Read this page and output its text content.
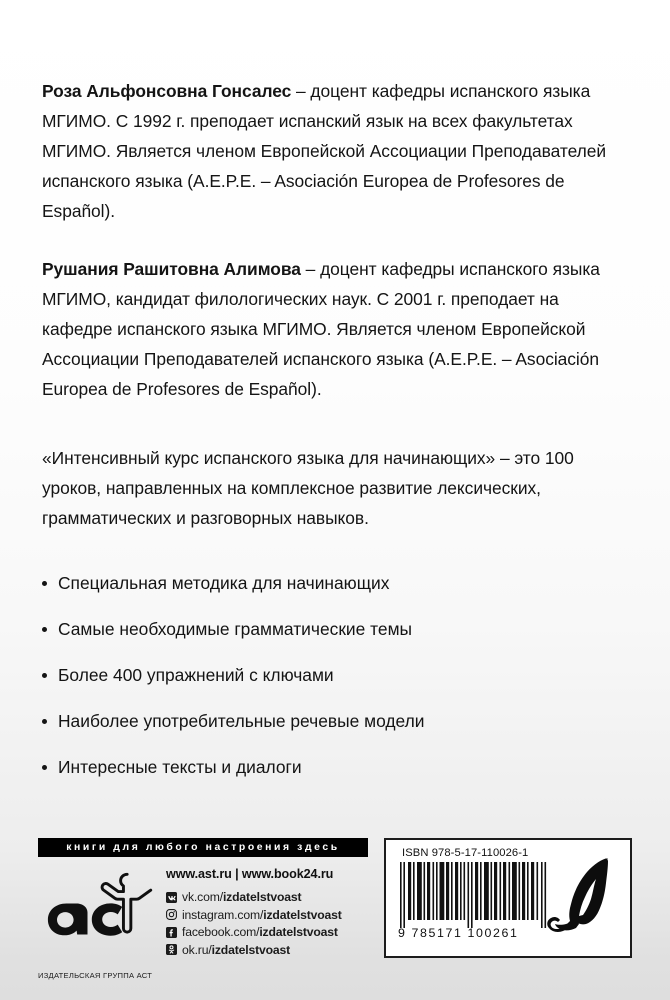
Роза Альфонсовна Гонсалес – доцент кафедры испанского языка МГИМО. С 1992 г. преподает испанский язык на всех факультетах МГИМО. Является членом Европейской Ассоциации Преподавателей испанского языка (A.E.P.E. – Asociación Europea de Profesores de Español).

Рушания Рашитовна Алимова – доцент кафедры испанского языка МГИМО, кандидат филологических наук. С 2001 г. преподает на кафедре испанского языка МГИМО. Является членом Европейской Ассоциации Преподавателей испанского языка (A.E.P.E. – Asociación Europea de Profesores de Español).

«Интенсивный курс испанского языка для начинающих» – это 100 уроков, направленных на комплексное развитие лексических, грамматических и разговорных навыков.

Специальная методика для начинающих
Самые необходимые грамматические темы
Более 400 упражнений с ключами
Наиболее употребительные речевые модели
Интересные тексты и диалоги
книги для любого настроения здесь
ИЗДАТЕЛЬСКАЯ ГРУППА АСТ
www.ast.ru | www.book24.ru
vk.com/izdatelstvoast
instagram.com/izdatelstvoast
facebook.com/izdatelstvoast
ok.ru/izdatelstvoast
ISBN 978-5-17-110026-1
9 785171 100261
